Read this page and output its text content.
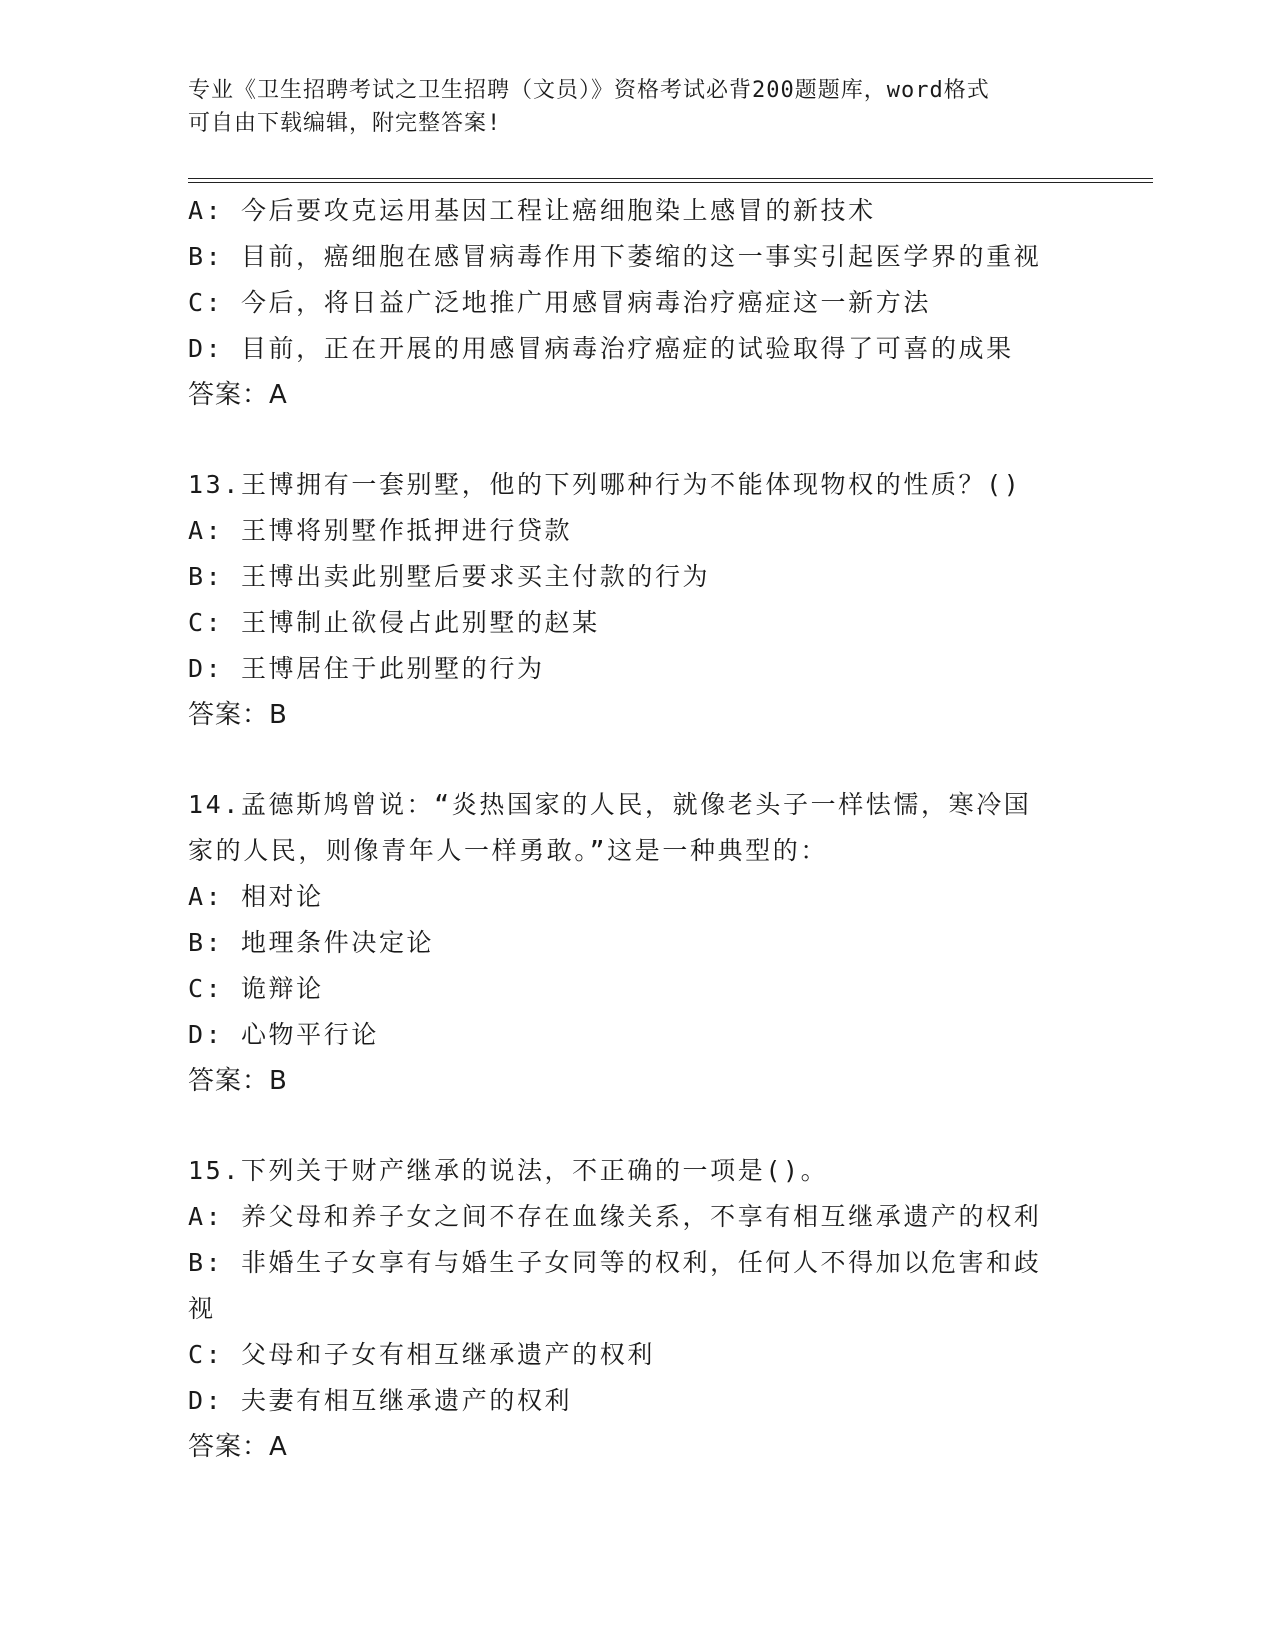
专业《卫生招聘考试之卫生招聘（文员）》资格考试必背200题题库，word格式
可自由下载编辑，附完整答案!
A: 今后要攻克运用基因工程让癌细胞染上感冒的新技术
B: 目前，癌细胞在感冒病毒作用下萎缩的这一事实引起医学界的重视
C: 今后，将日益广泛地推广用感冒病毒治疗癌症这一新方法
D: 目前，正在开展的用感冒病毒治疗癌症的试验取得了可喜的成果
答案：A
13.王博拥有一套别墅，他的下列哪种行为不能体现物权的性质？()
A: 王博将别墅作抵押进行贷款
B: 王博出卖此别墅后要求买主付款的行为
C: 王博制止欲侵占此别墅的赵某
D: 王博居住于此别墅的行为
答案：B
14.孟德斯鸠曾说：“炎热国家的人民，就像老头子一样怯懦，寒冷国
家的人民，则像青年人一样勇敢。”这是一种典型的：
A: 相对论
B: 地理条件决定论
C: 诡辩论
D: 心物平行论
答案：B
15.下列关于财产继承的说法，不正确的一项是()。
A: 养父母和养子女之间不存在血缘关系，不享有相互继承遗产的权利
B: 非婚生子女享有与婚生子女同等的权利，任何人不得加以危害和歧
视
C: 父母和子女有相互继承遗产的权利
D: 夫妻有相互继承遗产的权利
答案：A
